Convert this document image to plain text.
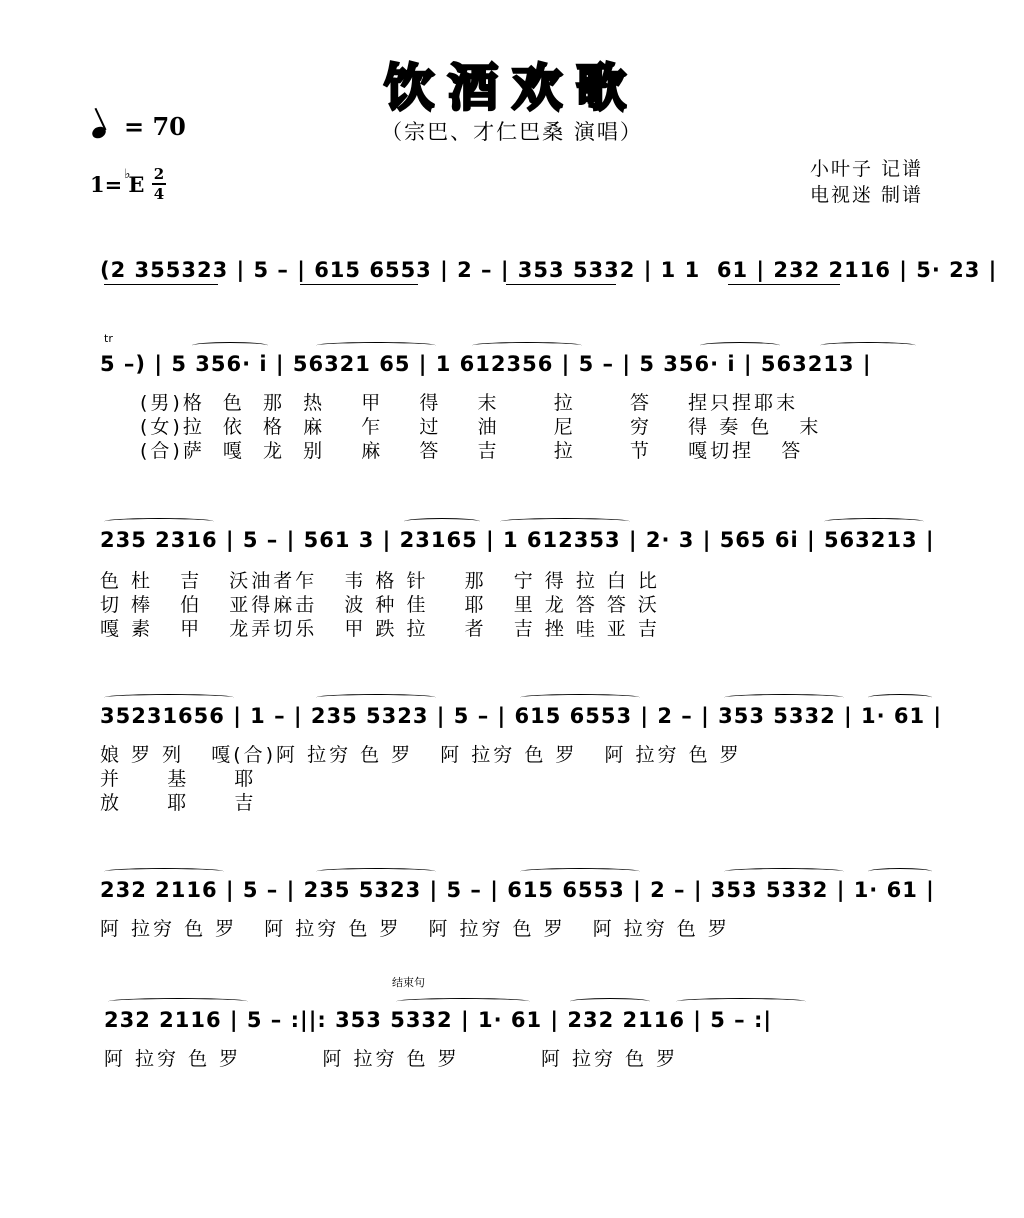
饮酒欢歌
（宗巴、才仁巴桑 演唱）
= 70
1= ♭E 2
4
小叶子 记谱
电视迷 制谱
(2 355323 | 5 – | 615 6553 | 2 – | 353 5332 | 1 1  61 | 232 2116 | 5· 23 |
tr
5 –) | 5 356· i | 56321 65 | 1 612356 | 5 – | 5 356· i | 563213 |
(男)格  色  那  热    甲    得    末      拉      答    捏只捏耶末
(女)拉  依  格  麻    乍    过    油      尼      穷    得 奏 色   末
(合)萨  嘎  龙  别    麻    答    吉      拉      节    嘎切捏   答
235 2316 | 5 – | 561 3 | 23165 | 1 612353 | 2· 3 | 565 6i | 563213 |
色 杜   吉   沃油者乍   韦 格 针    那   宁 得 拉 白 比
切 棒   伯   亚得麻击   波 种 佳    耶   里 龙 答 答 沃
嘎 素   甲   龙弄切乐   甲 跌 拉    者   吉 挫 哇 亚 吉
35231656 | 1 – | 235 5323 | 5 – | 615 6553 | 2 – | 353 5332 | 1· 61 |
娘 罗 列   嘎(合)阿 拉穷 色 罗   阿 拉穷 色 罗   阿 拉穷 色 罗
并     基     耶
放     耶     吉
232 2116 | 5 – | 235 5323 | 5 – | 615 6553 | 2 – | 353 5332 | 1· 61 |
阿 拉穷 色 罗   阿 拉穷 色 罗   阿 拉穷 色 罗   阿 拉穷 色 罗
结束句
232 2116 | 5 – :||: 353 5332 | 1· 61 | 232 2116 | 5 – :|
阿 拉穷 色 罗         阿 拉穷 色 罗         阿 拉穷 色 罗
